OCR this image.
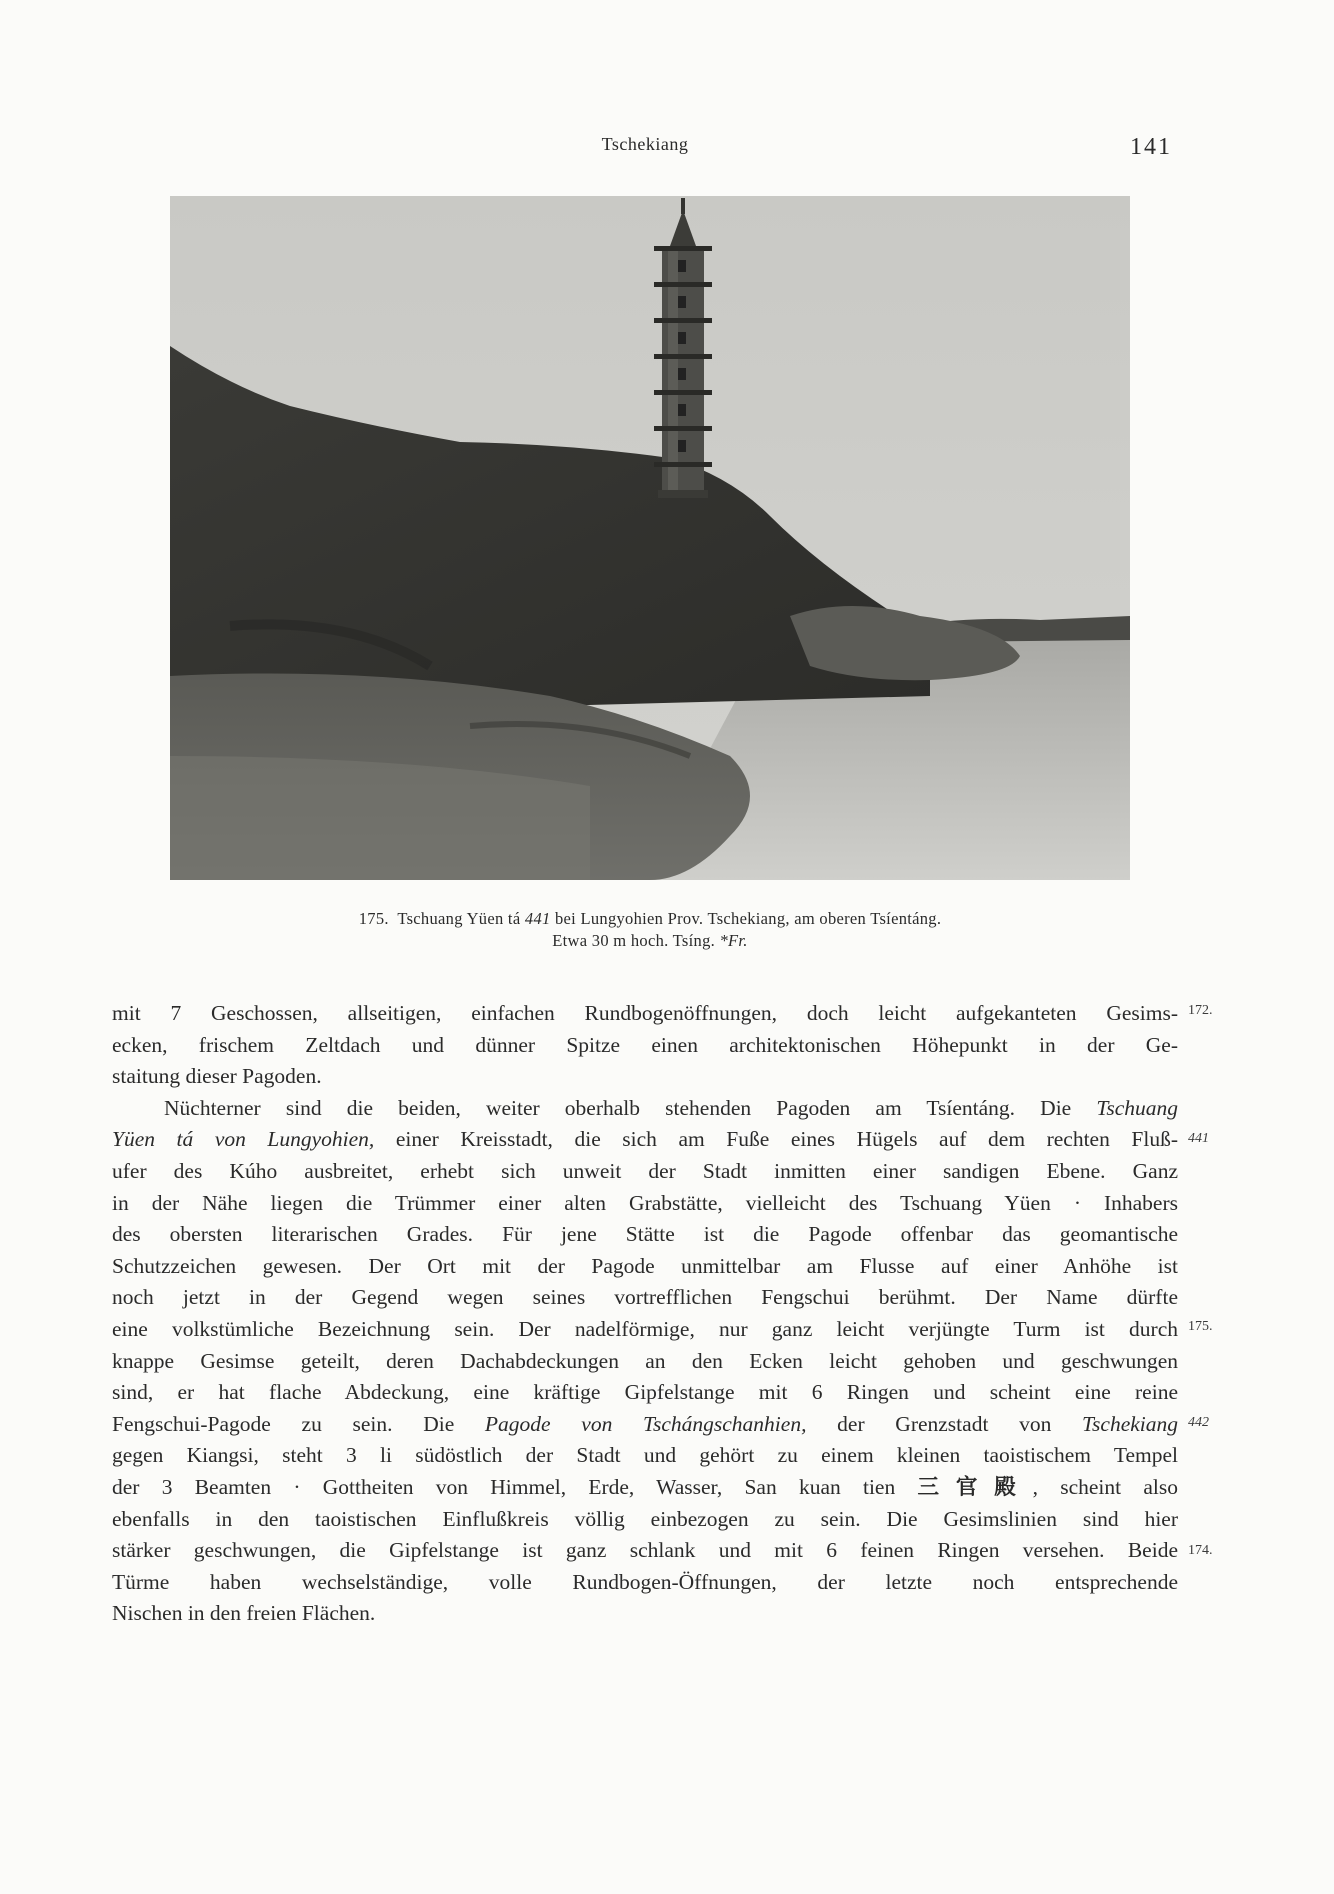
Tschekiang	141
175. Tschuang Yüen tá 441 bei Lungyohien Prov. Tschekiang, am oberen Tsíentáng.
Etwa 30 m hoch. Tsíng. *Fr.
mit 7 Geschossen, allseitigen, einfachen Rundbogenöffnungen, doch leicht aufgekanteten Gesims-
ecken, frischem Zeltdach und dünner Spitze einen architektonischen Höhepunkt in der Ge-
staitung dieser Pagoden.
Nüchterner sind die beiden, weiter oberhalb stehenden Pagoden am Tsíentáng. Die Tschuang
Yüen tá von Lungyohien, einer Kreisstadt, die sich am Fuße eines Hügels auf dem rechten Fluß-
ufer des Kúho ausbreitet, erhebt sich unweit der Stadt inmitten einer sandigen Ebene. Ganz
in der Nähe liegen die Trümmer einer alten Grabstätte, vielleicht des Tschuang Yüen · Inhabers
des obersten literarischen Grades. Für jene Stätte ist die Pagode offenbar das geomantische
Schutzzeichen gewesen. Der Ort mit der Pagode unmittelbar am Flusse auf einer Anhöhe ist
noch jetzt in der Gegend wegen seines vortrefflichen Fengschui berühmt. Der Name dürfte
eine volkstümliche Bezeichnung sein. Der nadelförmige, nur ganz leicht verjüngte Turm ist durch
knappe Gesimse geteilt, deren Dachabdeckungen an den Ecken leicht gehoben und geschwungen
sind, er hat flache Abdeckung, eine kräftige Gipfelstange mit 6 Ringen und scheint eine reine
Fengschui-Pagode zu sein. Die Pagode von Tschángschanhien, der Grenzstadt von Tschekiang
gegen Kiangsi, steht 3 li südöstlich der Stadt und gehört zu einem kleinen taoistischem Tempel
der 3 Beamten · Gottheiten von Himmel, Erde, Wasser, San kuan tien 三官殿, scheint also
ebenfalls in den taoistischen Einflußkreis völlig einbezogen zu sein. Die Gesimslinien sind hier
stärker geschwungen, die Gipfelstange ist ganz schlank und mit 6 feinen Ringen versehen. Beide
Türme haben wechselständige, volle Rundbogen-Öffnungen, der letzte noch entsprechende
Nischen in den freien Flächen.
172.
441
175.
442
174.
